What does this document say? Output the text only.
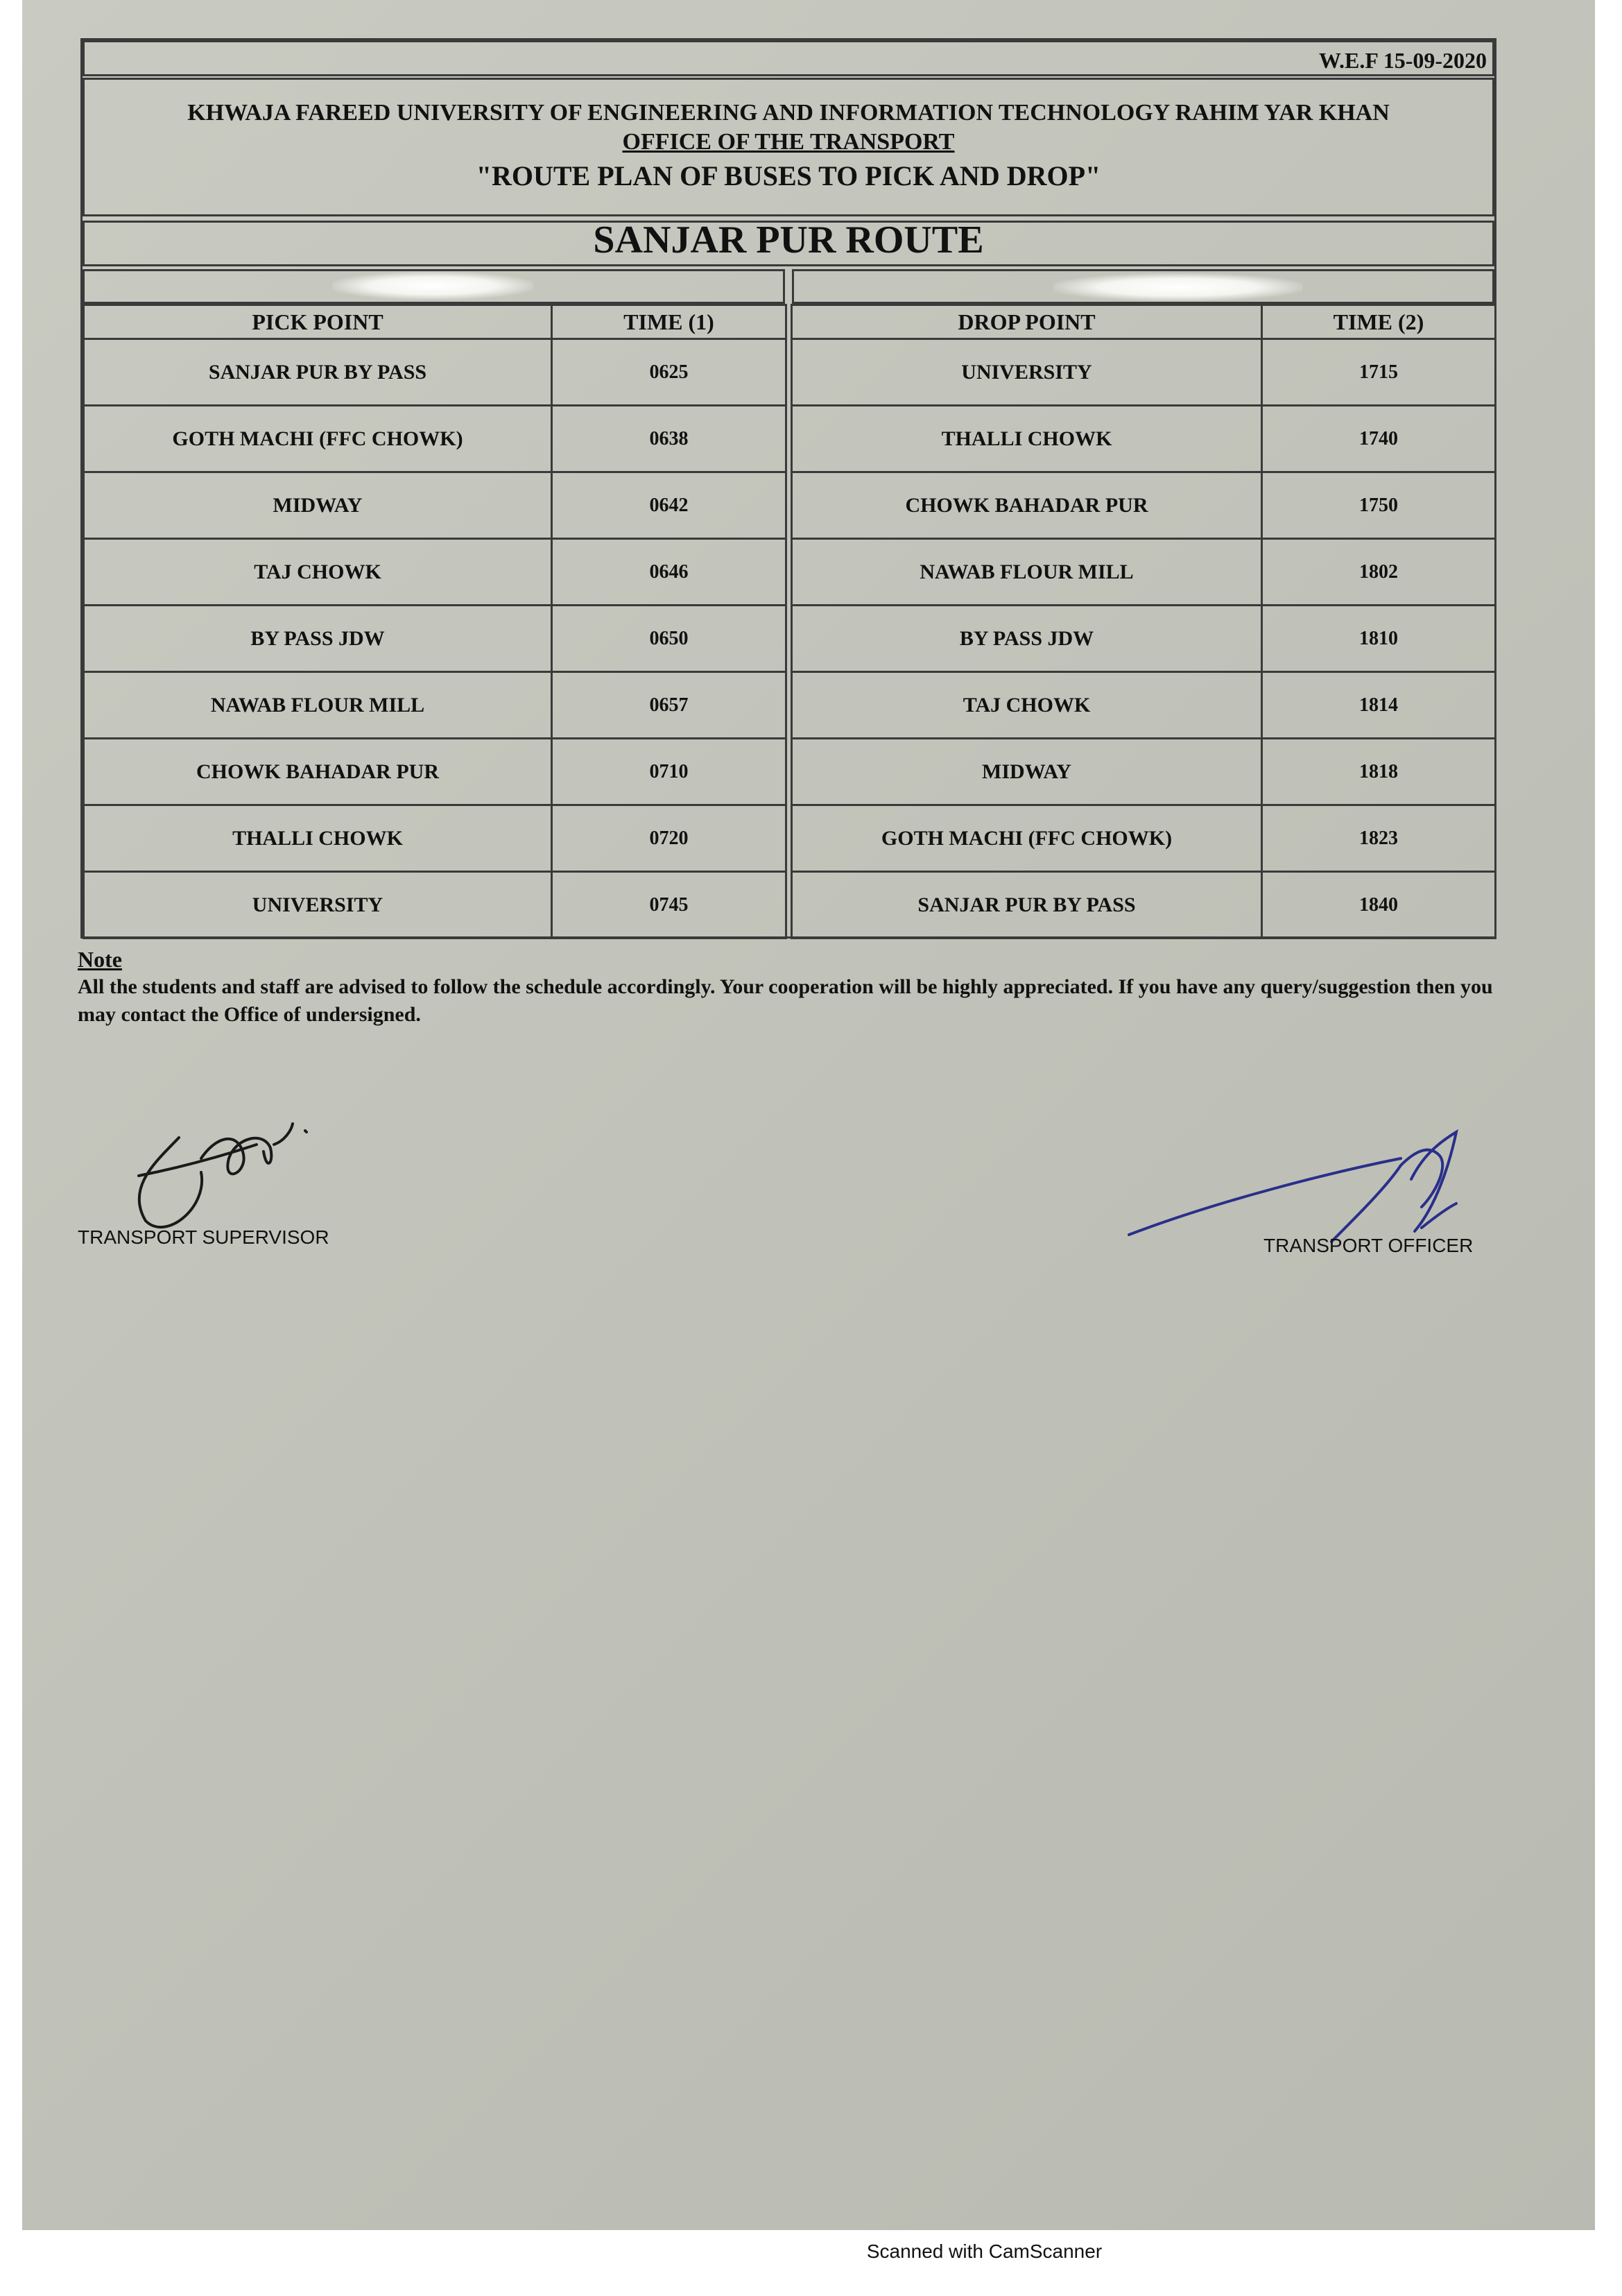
W.E.F 15-09-2020
KHWAJA FAREED UNIVERSITY OF ENGINEERING AND INFORMATION TECHNOLOGY RAHIM YAR KHAN
OFFICE OF THE TRANSPORT
"ROUTE PLAN OF BUSES TO PICK AND DROP"
SANJAR PUR ROUTE
PICK POINT	TIME (1)		DROP POINT	TIME (2)
SANJAR PUR BY PASS	0625		UNIVERSITY	1715
GOTH MACHI (FFC CHOWK)	0638		THALLI CHOWK	1740
MIDWAY	0642		CHOWK BAHADAR PUR	1750
TAJ CHOWK	0646		NAWAB FLOUR MILL	1802
BY PASS JDW	0650		BY PASS JDW	1810
NAWAB FLOUR MILL	0657		TAJ CHOWK	1814
CHOWK BAHADAR PUR	0710		MIDWAY	1818
THALLI CHOWK	0720		GOTH MACHI (FFC CHOWK)	1823
UNIVERSITY	0745		SANJAR PUR BY PASS	1840
Note
All the students and staff are advised to follow the schedule accordingly. Your cooperation will be highly appreciated. If you have any query/suggestion then you may contact the Office of undersigned.
TRANSPORT SUPERVISOR	TRANSPORT OFFICER
Scanned with CamScanner
